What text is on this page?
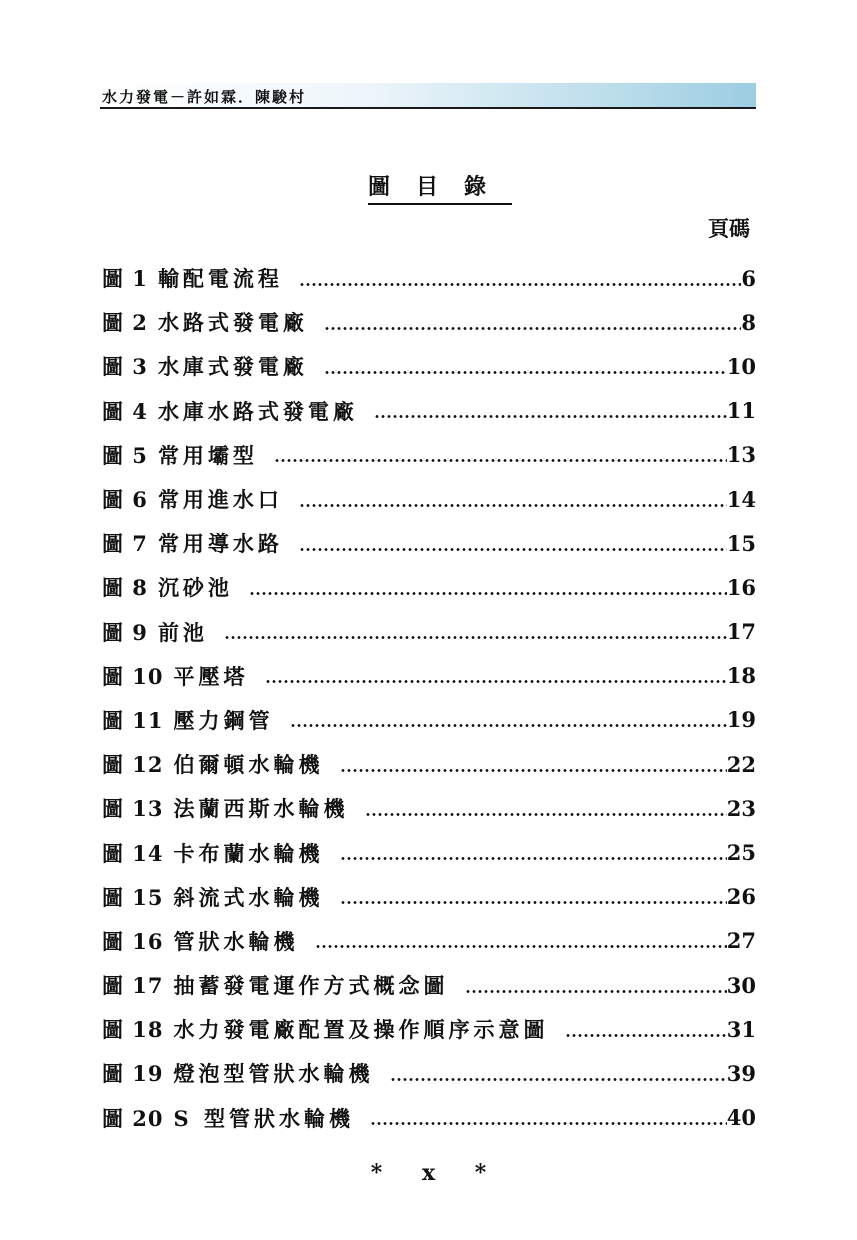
水力發電－許如霖．陳駿村
圖目錄
頁碼
圖 1 輸配電流程	6
圖 2 水路式發電廠	8
圖 3 水庫式發電廠	10
圖 4 水庫水路式發電廠	11
圖 5 常用壩型	13
圖 6 常用進水口	14
圖 7 常用導水路	15
圖 8 沉砂池	16
圖 9 前池	17
圖 10 平壓塔	18
圖 11 壓力鋼管	19
圖 12 伯爾頓水輪機	22
圖 13 法蘭西斯水輪機	23
圖 14 卡布蘭水輪機	25
圖 15 斜流式水輪機	26
圖 16 管狀水輪機	27
圖 17 抽蓄發電運作方式概念圖	30
圖 18 水力發電廠配置及操作順序示意圖	31
圖 19 燈泡型管狀水輪機	39
圖 20 S 型管狀水輪機	40
* x *
